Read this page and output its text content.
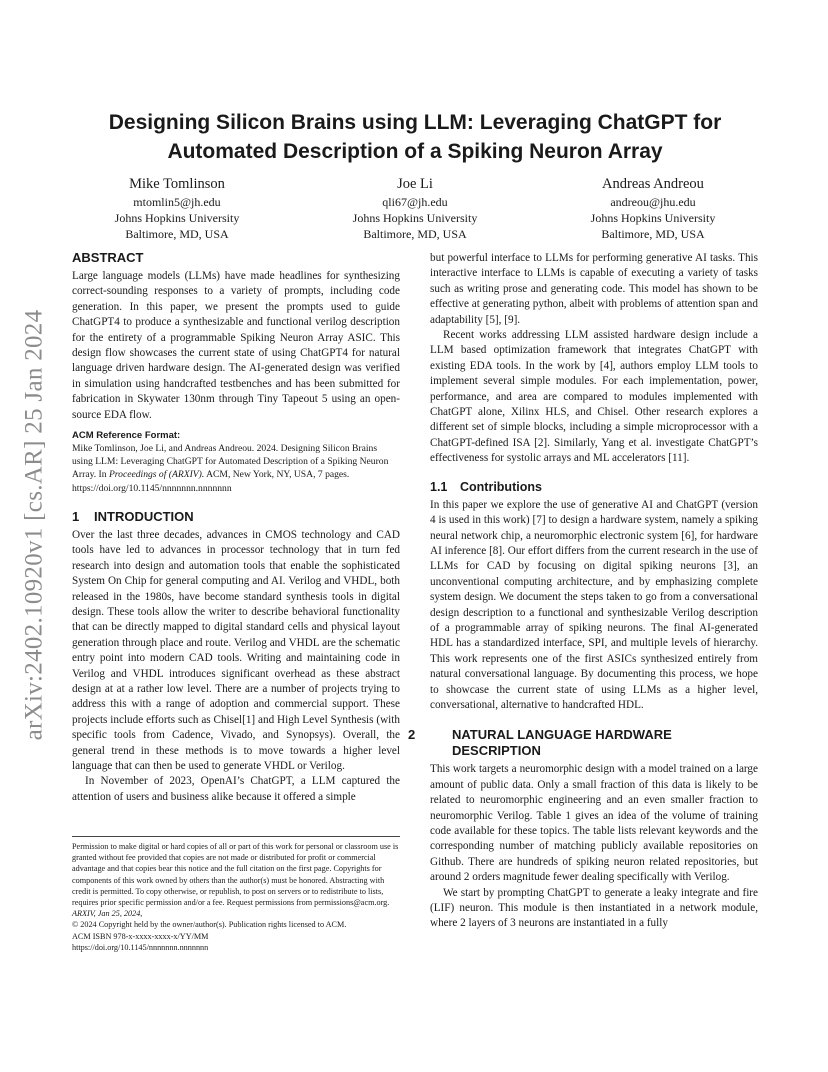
arXiv:2402.10920v1 [cs.AR] 25 Jan 2024
Designing Silicon Brains using LLM: Leveraging ChatGPT for Automated Description of a Spiking Neuron Array
Mike Tomlinson
mtomlin5@jh.edu
Johns Hopkins University
Baltimore, MD, USA
Joe Li
qli67@jh.edu
Johns Hopkins University
Baltimore, MD, USA
Andreas Andreou
andreou@jhu.edu
Johns Hopkins University
Baltimore, MD, USA
ABSTRACT

Large language models (LLMs) have made headlines for synthesizing correct-sounding responses to a variety of prompts, including code generation. In this paper, we present the prompts used to guide ChatGPT4 to produce a synthesizable and functional verilog description for the entirety of a programmable Spiking Neuron Array ASIC. This design flow showcases the current state of using ChatGPT4 for natural language driven hardware design. The AI-generated design was verified in simulation using handcrafted testbenches and has been submitted for fabrication in Skywater 130nm through Tiny Tapeout 5 using an open-source EDA flow.

ACM Reference Format:

Mike Tomlinson, Joe Li, and Andreas Andreou. 2024. Designing Silicon Brains using LLM: Leveraging ChatGPT for Automated Description of a Spiking Neuron Array. In Proceedings of (ARXIV). ACM, New York, NY, USA, 7 pages. https://doi.org/10.1145/nnnnnnn.nnnnnnn

1 INTRODUCTION

Over the last three decades, advances in CMOS technology and CAD tools have led to advances in processor technology that in turn fed research into design and automation tools that enable the sophisticated System On Chip for general computing and AI. Verilog and VHDL, both released in the 1980s, have become standard synthesis tools in digital design. These tools allow the writer to describe behavioral functionality that can be directly mapped to digital standard cells and physical layout generation through place and route. Verilog and VHDL are the schematic entry point into modern CAD tools. Writing and maintaining code in Verilog and VHDL introduces significant overhead as these abstract design at at a rather low level. There are a number of projects trying to address this with a range of adoption and commercial support. These projects include efforts such as Chisel[1] and High Level Synthesis (with specific tools from Cadence, Vivado, and Synopsys). Overall, the general trend in these methods is to move towards a higher level language that can then be used to generate VHDL or Verilog.

In November of 2023, OpenAI’s ChatGPT, a LLM captured the attention of users and business alike because it offered a simple

but powerful interface to LLMs for performing generative AI tasks. This interactive interface to LLMs is capable of executing a variety of tasks such as writing prose and generating code. This model has shown to be effective at generating python, albeit with problems of attention span and adaptability [5], [9].

Recent works addressing LLM assisted hardware design include a LLM based optimization framework that integrates ChatGPT with existing EDA tools. In the work by [4], authors employ LLM tools to implement several simple modules. For each implementation, power, performance, and area are compared to modules implemented with ChatGPT alone, Xilinx HLS, and Chisel. Other research explores a different set of simple blocks, including a simple microprocessor with a ChatGPT-defined ISA [2]. Similarly, Yang et al. investigate ChatGPT’s effectiveness for systolic arrays and ML accelerators [11].

1.1 Contributions

In this paper we explore the use of generative AI and ChatGPT (version 4 is used in this work) [7] to design a hardware system, namely a spiking neural network chip, a neuromorphic electronic system [6], for hardware AI inference [8]. Our effort differs from the current research in the use of LLMs for CAD by focusing on digital spiking neurons [3], an unconventional computing architecture, and by emphasizing complete system design. We document the steps taken to go from a conversational design description to a functional and synthesizable Verilog description of a programmable array of spiking neurons. The final AI-generated HDL has a standardized interface, SPI, and multiple levels of hierarchy. This work represents one of the first ASICs synthesized entirely from natural conversational language. By documenting this process, we hope to showcase the current state of using LLMs as a higher level, conversational, alternative to handcrafted HDL.

2	NATURAL LANGUAGE HARDWARE DESCRIPTION

This work targets a neuromorphic design with a model trained on a large amount of public data. Only a small fraction of this data is likely to be related to neuromorphic engineering and an even smaller fraction to neuromorphic Verilog. Table 1 gives an idea of the volume of training code available for these topics. The table lists relevant keywords and the corresponding number of matching publicly available repositories on Github. There are hundreds of spiking neuron related repositories, but around 2 orders magnitude fewer dealing specifically with Verilog.

We start by prompting ChatGPT to generate a leaky integrate and fire (LIF) neuron. This module is then instantiated in a network module, where 2 layers of 3 neurons are instantiated in a fully

Permission to make digital or hard copies of all or part of this work for personal or classroom use is granted without fee provided that copies are not made or distributed for profit or commercial advantage and that copies bear this notice and the full citation on the first page. Copyrights for components of this work owned by others than the author(s) must be honored. Abstracting with credit is permitted. To copy otherwise, or republish, to post on servers or to redistribute to lists, requires prior specific permission and/or a fee. Request permissions from permissions@acm.org.

ARXIV, Jan 25, 2024,

© 2024 Copyright held by the owner/author(s). Publication rights licensed to ACM.

ACM ISBN 978-x-xxxx-xxxx-x/YY/MM

https://doi.org/10.1145/nnnnnnn.nnnnnnn
